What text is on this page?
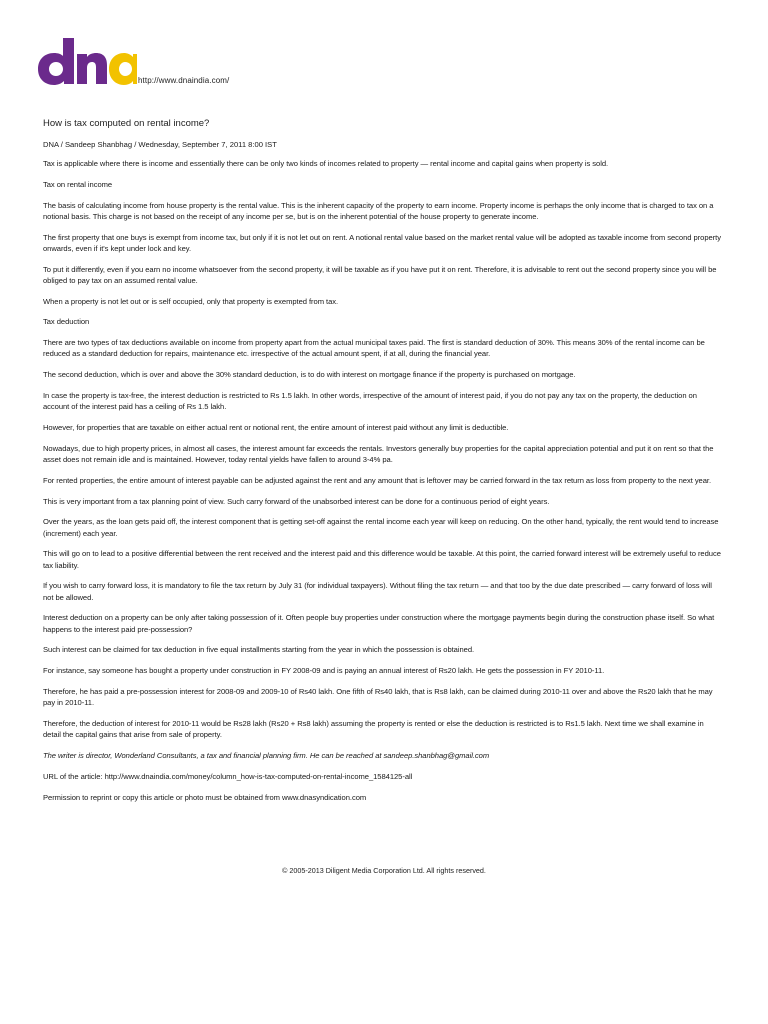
http://www.dnaindia.com/
How is tax computed on rental income?
DNA / Sandeep Shanbhag / Wednesday, September 7, 2011 8:00 IST

Tax is applicable where there is income and essentially there can be only two kinds of incomes related to property — rental income and capital gains when property is sold.

Tax on rental income

The basis of calculating income from house property is the rental value. This is the inherent capacity of the property to earn income. Property income is perhaps the only income that is charged to tax on a notional basis. This charge is not based on the receipt of any income per se, but is on the inherent potential of the house property to generate income.

The first property that one buys is exempt from income tax, but only if it is not let out on rent. A notional rental value based on the market rental value will be adopted as taxable income from second property onwards, even if it's kept under lock and key.

To put it differently, even if you earn no income whatsoever from the second property, it will be taxable as if you have put it on rent. Therefore, it is advisable to rent out the second property since you will be obliged to pay tax on an assumed rental value.

When a property is not let out or is self occupied, only that property is exempted from tax.

Tax deduction

There are two types of tax deductions available on income from property apart from the actual municipal taxes paid. The first is standard deduction of 30%. This means 30% of the rental income can be reduced as a standard deduction for repairs, maintenance etc. irrespective of the actual amount spent, if at all, during the financial year.

The second deduction, which is over and above the 30% standard deduction, is to do with interest on mortgage finance if the property is purchased on mortgage.

In case the property is tax-free, the interest deduction is restricted to Rs 1.5 lakh. In other words, irrespective of the amount of interest paid, if you do not pay any tax on the property, the deduction on account of the interest paid has a ceiling of Rs 1.5 lakh.

However, for properties that are taxable on either actual rent or notional rent, the entire amount of interest paid without any limit is deductible.

Nowadays, due to high property prices, in almost all cases, the interest amount far exceeds the rentals. Investors generally buy properties for the capital appreciation potential and put it on rent so that the asset does not remain idle and is maintained. However, today rental yields have fallen to around 3-4% pa.

For rented properties, the entire amount of interest payable can be adjusted against the rent and any amount that is leftover may be carried forward in the tax return as loss from property to the next year.

This is very important from a tax planning point of view. Such carry forward of the unabsorbed interest can be done for a continuous period of eight years.

Over the years, as the loan gets paid off, the interest component that is getting set-off against the rental income each year will keep on reducing. On the other hand, typically, the rent would tend to increase (increment) each year.

This will go on to lead to a positive differential between the rent received and the interest paid and this difference would be taxable. At this point, the carried forward interest will be extremely useful to reduce tax liability.

If you wish to carry forward loss, it is mandatory to file the tax return by July 31 (for individual taxpayers). Without filing the tax return — and that too by the due date prescribed — carry forward of loss will not be allowed.

Interest deduction on a property can be only after taking possession of it. Often people buy properties under construction where the mortgage payments begin during the construction phase itself. So what happens to the interest paid pre-possession?

Such interest can be claimed for tax deduction in five equal installments starting from the year in which the possession is obtained.

For instance, say someone has bought a property under construction in FY 2008-09 and is paying an annual interest of Rs20 lakh. He gets the possession in FY 2010-11.

Therefore, he has paid a pre-possession interest for 2008-09 and 2009-10 of Rs40 lakh. One fifth of Rs40 lakh, that is Rs8 lakh, can be claimed during 2010-11 over and above the Rs20 lakh that he may pay in 2010-11.

Therefore, the deduction of interest for 2010-11 would be Rs28 lakh (Rs20 + Rs8 lakh) assuming the property is rented or else the deduction is restricted is to Rs1.5 lakh. Next time we shall examine in detail the capital gains that arise from sale of property.

The writer is director, Wonderland Consultants, a tax and financial planning firm. He can be reached at sandeep.shanbhag@gmail.com

URL of the article: http://www.dnaindia.com/money/column_how-is-tax-computed-on-rental-income_1584125-all

Permission to reprint or copy this article or photo must be obtained from www.dnasyndication.com

© 2005-2013 Diligent Media Corporation Ltd. All rights reserved.
